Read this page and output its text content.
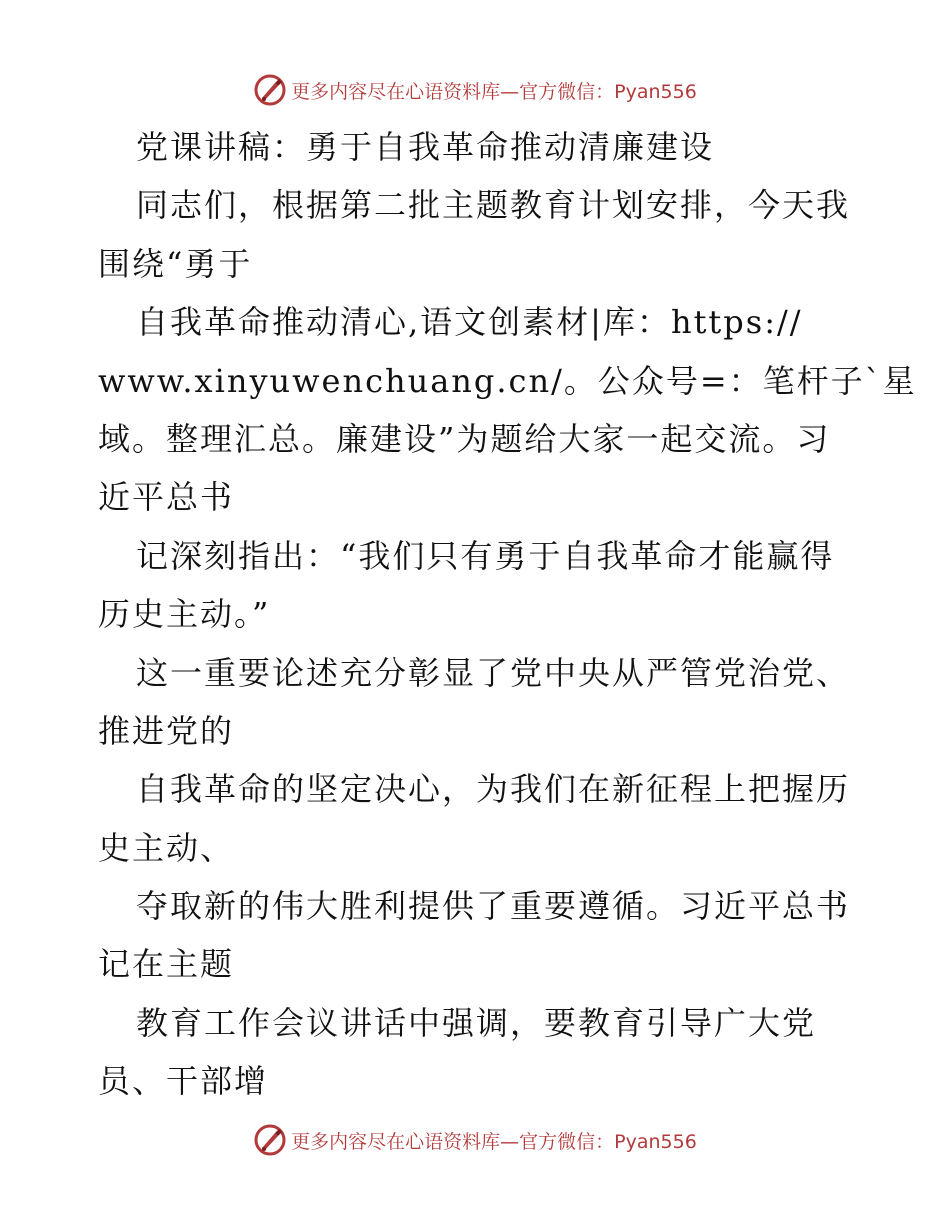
更多内容尽在心语资料库—官方微信：Pyan556
党课讲稿：勇于自我革命推动清廉建设
同志们，根据第二批主题教育计划安排，今天我
围绕“勇于
自我革命推动清心,语文创素材|库：https://
www.xinyuwenchuang.cn/。公众号=：笔杆子`星
域。整理汇总。廉建设”为题给大家一起交流。习
近平总书
记深刻指出：“我们只有勇于自我革命才能赢得
历史主动。”
这一重要论述充分彰显了党中央从严管党治党、
推进党的
自我革命的坚定决心，为我们在新征程上把握历
史主动、
夺取新的伟大胜利提供了重要遵循。习近平总书
记在主题
教育工作会议讲话中强调，要教育引导广大党
员、干部增
更多内容尽在心语资料库—官方微信：Pyan556
